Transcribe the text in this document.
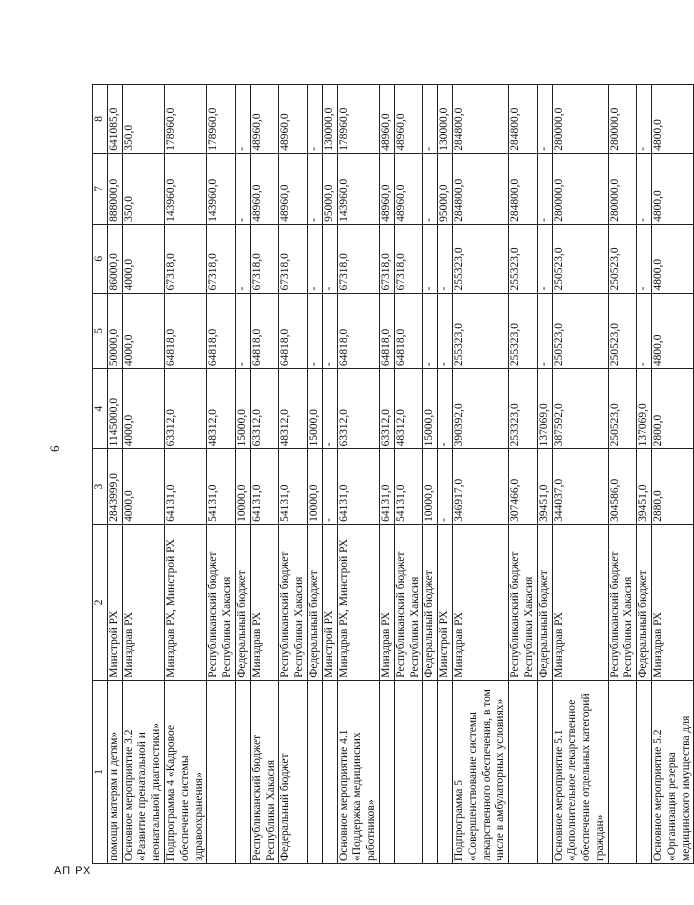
6
1	2	3	4	5	6	7	8
помощи матерям и детям»	Минстрой РХ	2843999,0	1145000,0	50000,0	86000,0	888000,0	641085,0
Основное мероприятие 3.2 «Развитие пренатальной и неонатальной диагностики»	Минздрав РХ	4000,0	4000,0	4000,0	4000,0	350,0	350,0
Подпрограмма 4 «Кадровое обеспечение системы здравоохранения»	Минздрав РХ, Минстрой РХ	64131,0	63312,0	64818,0	67318,0	143960,0	178960,0
	Республиканский бюджет Республики Хакасия	54131,0	48312,0	64818,0	67318,0	143960,0	178960,0
	Федеральный бюджет	10000,0	15000,0	-	-	-	-
Республиканский бюджет Республики Хакасия	Минздрав РХ	64131,0	63312,0	64818,0	67318,0	48960,0	48960,0
Федеральный бюджет	Республиканский бюджет Республики Хакасия	54131,0	48312,0	64818,0	67318,0	48960,0	48960,0
	Федеральный бюджет	10000,0	15000,0	-	-	-	-
	Минстрой РХ	-	-	-	-	95000,0	130000,0
Основное мероприятие 4.1 «Поддержка медицинских работников»	Минздрав РХ, Минстрой РХ	64131,0	63312,0	64818,0	67318,0	143960,0	178960,0
	Минздрав РХ	64131,0	63312,0	64818,0	67318,0	48960,0	48960,0
	Республиканский бюджет Республики Хакасия	54131,0	48312,0	64818,0	67318,0	48960,0	48960,0
	Федеральный бюджет	10000,0	15000,0	-	-	-	-
	Минстрой РХ	-	-	-	-	95000,0	130000,0
Подпрограмма 5 «Совершенствование системы лекарственного обеспечения, в том числе в амбулаторных условиях»	Минздрав РХ	346917,0	390392,0	255323,0	255323,0	284800,0	284800,0
	Республиканский бюджет Республики Хакасия	307466,0	253323,0	255323,0	255323,0	284800,0	284800,0
	Федеральный бюджет	39451,0	137069,0	-	-	-	-
Основное мероприятие 5.1 «Дополнительное лекарственное обеспечение отдельных категорий граждан»	Минздрав РХ	344037,0	387592,0	250523,0	250523,0	280000,0	280000,0
	Республиканский бюджет Республики Хакасия	304586,0	250523,0	250523,0	250523,0	280000,0	280000,0
	Федеральный бюджет	39451,0	137069,0	-	-	-	-
Основное мероприятие 5.2 «Организация резерва медицинского имущества для	Минздрав РХ	2880,0	2800,0	4800,0	4800,0	4800,0	4800,0
АП РХ
